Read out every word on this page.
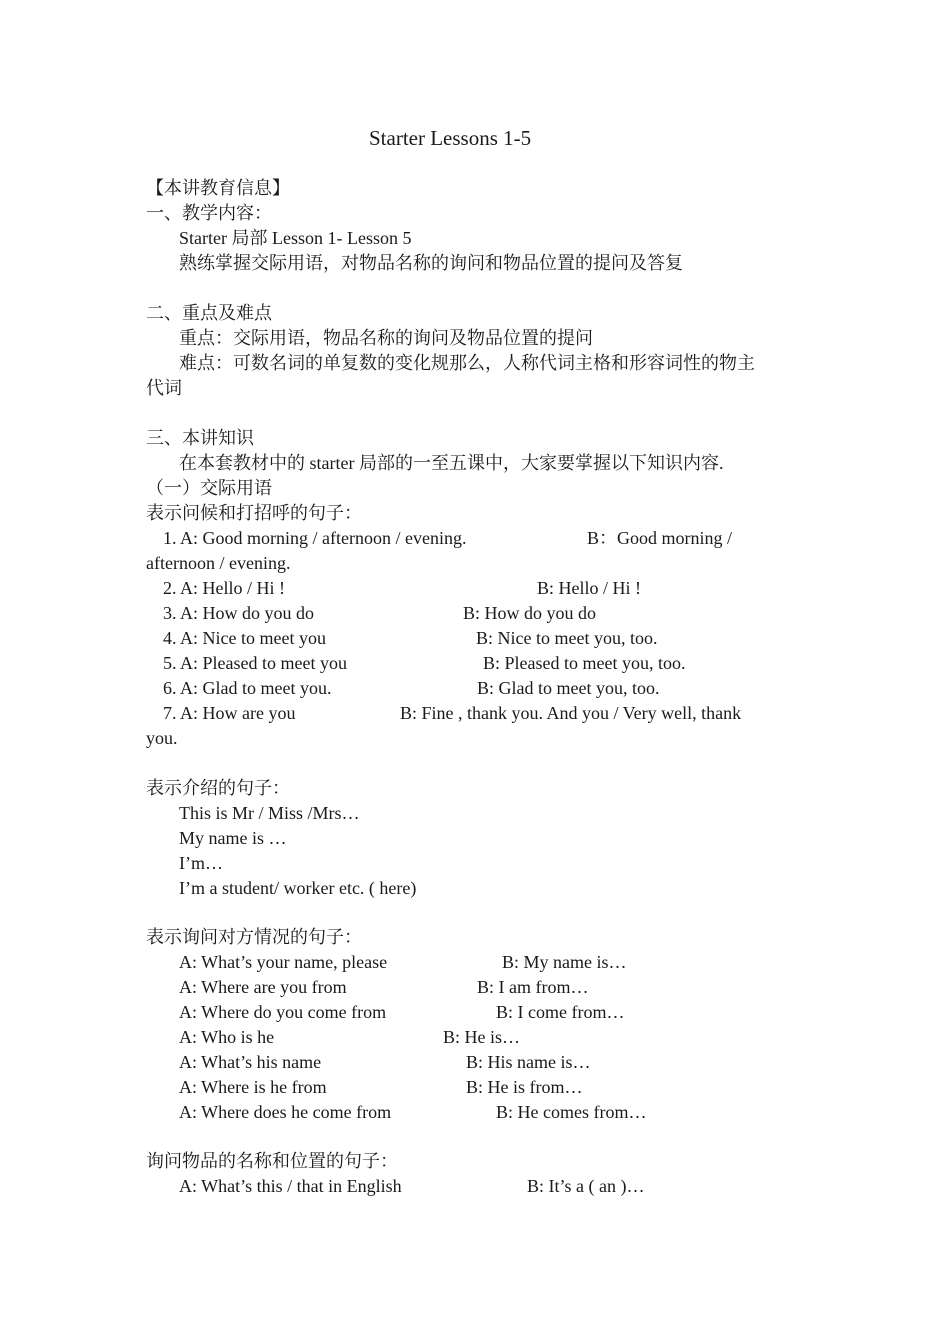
Starter Lessons 1-5
【本讲教育信息】
一、教学内容：
Starter 局部 Lesson 1- Lesson 5
熟练掌握交际用语，对物品名称的询问和物品位置的提问及答复
二、重点及难点
重点：交际用语，物品名称的询问及物品位置的提问
难点：可数名词的单复数的变化规那么，人称代词主格和形容词性的物主
代词
三、本讲知识
在本套教材中的 starter 局部的一至五课中，大家要掌握以下知识内容.
（一）交际用语
表示问候和打招呼的句子：
1. A: Good morning / afternoon / evening.	B：Good morning /
afternoon / evening.
2. A: Hello / Hi !	B: Hello / Hi !
3. A: How do you do	B: How do you do
4. A: Nice to meet you	B: Nice to meet you, too.
5. A: Pleased to meet you	B: Pleased to meet you, too.
6. A: Glad to meet you.	B: Glad to meet you, too.
7. A: How are you	B: Fine , thank you. And you / Very well, thank
you.
表示介绍的句子：
This is Mr / Miss /Mrs…
My name is …
I’m…
I’m a student/ worker etc. ( here)
表示询问对方情况的句子：
A: What’s your name, please	B: My name is…
A: Where are you from	B: I am from…
A: Where do you come from	B: I come from…
A: Who is he	B: He is…
A: What’s his name	B: His name is…
A: Where is he from	B: He is from…
A: Where does he come from	B: He comes from…
询问物品的名称和位置的句子：
A: What’s this / that in English	B: It’s a ( an )…
